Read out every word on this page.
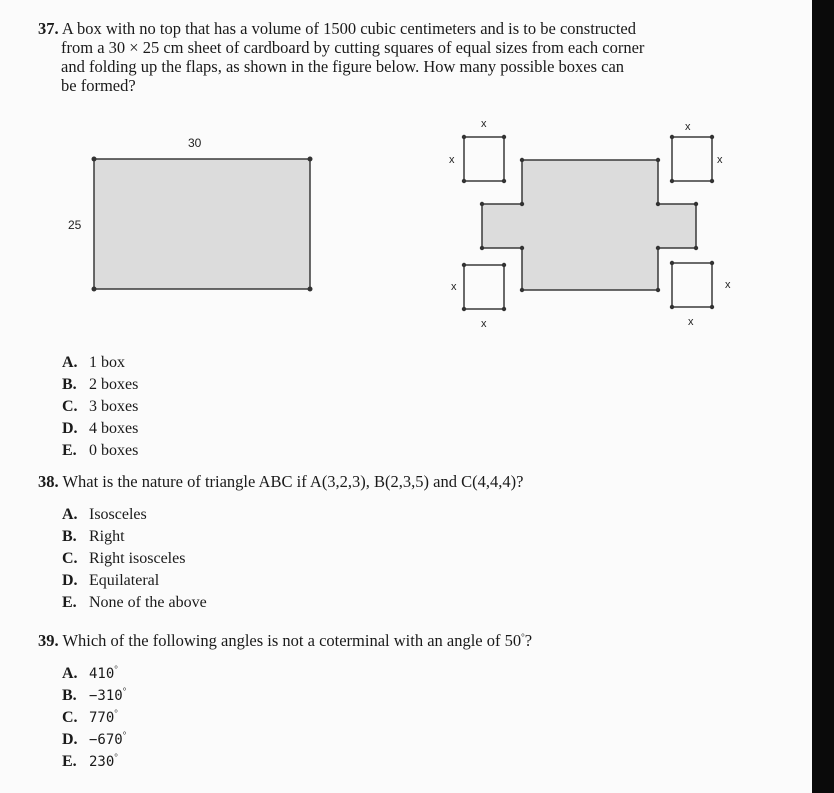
37. A box with no top that has a volume of 1500 cubic centimeters and is to be constructed
from a 30 × 25 cm sheet of cardboard by cutting squares of equal sizes from each corner
and folding up the flaps, as shown in the figure below. How many possible boxes can
be formed?
30
25
x
x
x
x
x
x
x
x
A. 1 box
B. 2 boxes
C. 3 boxes
D. 4 boxes
E. 0 boxes
38. What is the nature of triangle ABC if A(3,2,3), B(2,3,5) and C(4,4,4)?
A. Isosceles
B. Right
C. Right isosceles
D. Equilateral
E. None of the above
39. Which of the following angles is not a coterminal with an angle of 50°?
A. 410°
B. −310°
C. 770°
D. −670°
E. 230°
